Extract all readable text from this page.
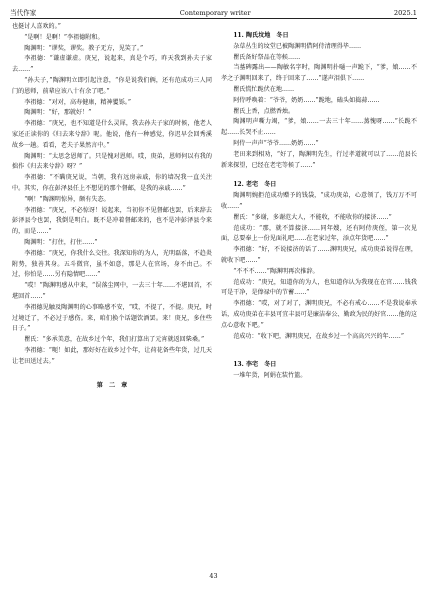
当代作家	Contemporary writer	2025.1

也挺讨人喜欢的。”

“是啊！是啊！”李祖德附和。

陶渊明：“谬奖，谬奖。教子无方，见笑了。”

李祖德：“谦虚谦虚。庚兄，说起来，真是个巧，昨天我到孙夫子家去……”

“孙夫子，”陶渊明立即引起注意，“你是说我们俩，还有范成功三人同门的恩师，前辈应该八十有余了吧。”

李祖德：“对对，高寿健康，精神矍铄。”

陶渊明：“好，那就好！”

李祖德：“庚兄，也不知道是什么灵犀，我去孙夫子家的时候，他老人家还正读你的《归去来兮辞》呢。他说，他有一种感觉，你迟早会回秀溪故乡一趟。看看，老夫子果然言中。”

陶渊明：“太思念恩师了。只是愧对恩师。哎，庚弟，恩师何以有我的拙作《归去来兮辞》呀？”

李祖德：“不瞒庚兄说，当朝，我有远房亲戚，你的墙况我一直关注中。其实，你在彭泽县任上不想见的那个督邮，是我的亲戚……”

“啊！”陶渊明惊异，颇有失态。

李祖德：“庚兄，不必惊讶！说起来，当初你不见督邮也罢，后来辞去彭泽县令也罢，我倒是明白。既不是冲着督邮来的，也不是冲彭泽县令来的，而是……”

陶渊明：“打住，打住……”

李祖德：“庚兄，你我什么交往。我深知你的为人，光明磊落，不趋炎附势，独善其身。五斗微官，虽不如意，那是人在官场，身不由己。不过，你怕是……另有隐情吧……”

“哎！”陶渊明感从中来，“误落尘网中，一去三十年……不堪回首，不堪回首……”

李祖德见触及陶渊明的心事略感不安，“哎，不提了，不提。庚兄，时过境迁了，不必过于感伤。来，咱们换个话题饮酒罢。来！庚兄，多住些日子。”

瞿氏：“多承美意，在故乡过个年，我们打算出了元宵就返回柴桑。”

李祖德：“呃！如此，那好好在故乡过个年，让荷花备些年货，过几天让老田送过去。”

第　二　章

11. 陶氏坟地　冬日

杂草丛生的坟堂已被陶渊明借阿侍清理得毕……

瞿氏备好祭品在等候……

当墓碑露出——陶敏名字时，陶渊明扑嗵一声跪下，“爹，娘……不孝之子渊明回来了，终于回来了……”遂声泪俱下……

瞿氏慌忙跪伏在地……

阿侍呼唤着：“爷爷，奶奶……”跪地，磕头如捣蒜……

瞿氏上香，点燃香烛。

陶渊明声嘶力竭，“爹，娘……一去三十年……蒸愧呀……”长跪不起……长哭不止……

阿侍一声声“爷爷……奶奶……”

老田来到相劝，“好了，陶渊明先生，行过孝道就可以了……范县长新来探望，已经在老宅等候了……”

12. 老宅　冬日

陶渊明婉拒范成功赠予的钱袋，“成功庚弟，心意领了，钱万万不可收……”

瞿氏：“多谢，多谢范大人，不能收，不能收你的接济……”

范成功：“那，就不算接济……同年嫂，还有阿侍庚侄，第一次见面，总要奉上一份见面礼吧……在老家过年，添点年货吧……”

李祖德：“好，不说接济的话了……渊明庚兄，成功庚弟说得在理，就收下吧……”

“不不不……”陶渊明再次推辞。

范成功：“庚兄，知道你的为人，也知道你认为我现在在官……钱我可是干净，是俸禄中的节蓄……”

李祖德：“哎，对了对了，渊明庚兄，不必有戒心……不是我说奉承话，成功庚弟在丰县可宜丰县可是廉洁奉公、勤政为民的好官……他的这点心意收下吧。”

范成功：“收下吧，渊明庚兄，在故乡过一个高高兴兴的年……”

13. 李宅　冬日

一堆年货，阿娟在装竹篮。

43
